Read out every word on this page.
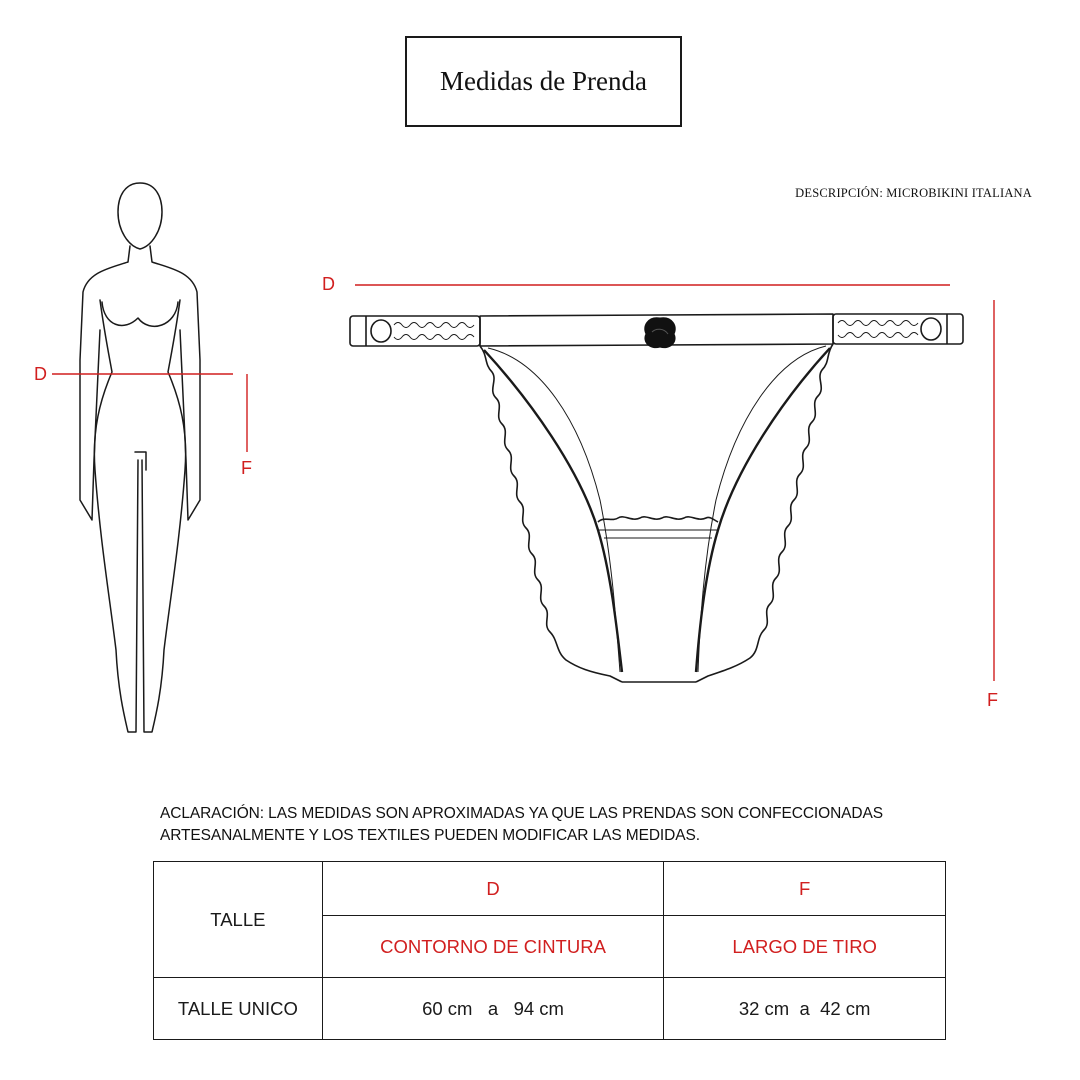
Medidas de Prenda
DESCRIPCIÓN: MICROBIKINI ITALIANA
D
F
D
F
ACLARACIÓN: LAS MEDIDAS SON APROXIMADAS YA QUE LAS PRENDAS SON CONFECCIONADAS
ARTESANALMENTE Y LOS TEXTILES PUEDEN MODIFICAR LAS MEDIDAS.
TALLE	D	F
	CONTORNO DE CINTURA	LARGO DE TIRO
TALLE UNICO	60 cm   a   94 cm	32 cm  a  42 cm
